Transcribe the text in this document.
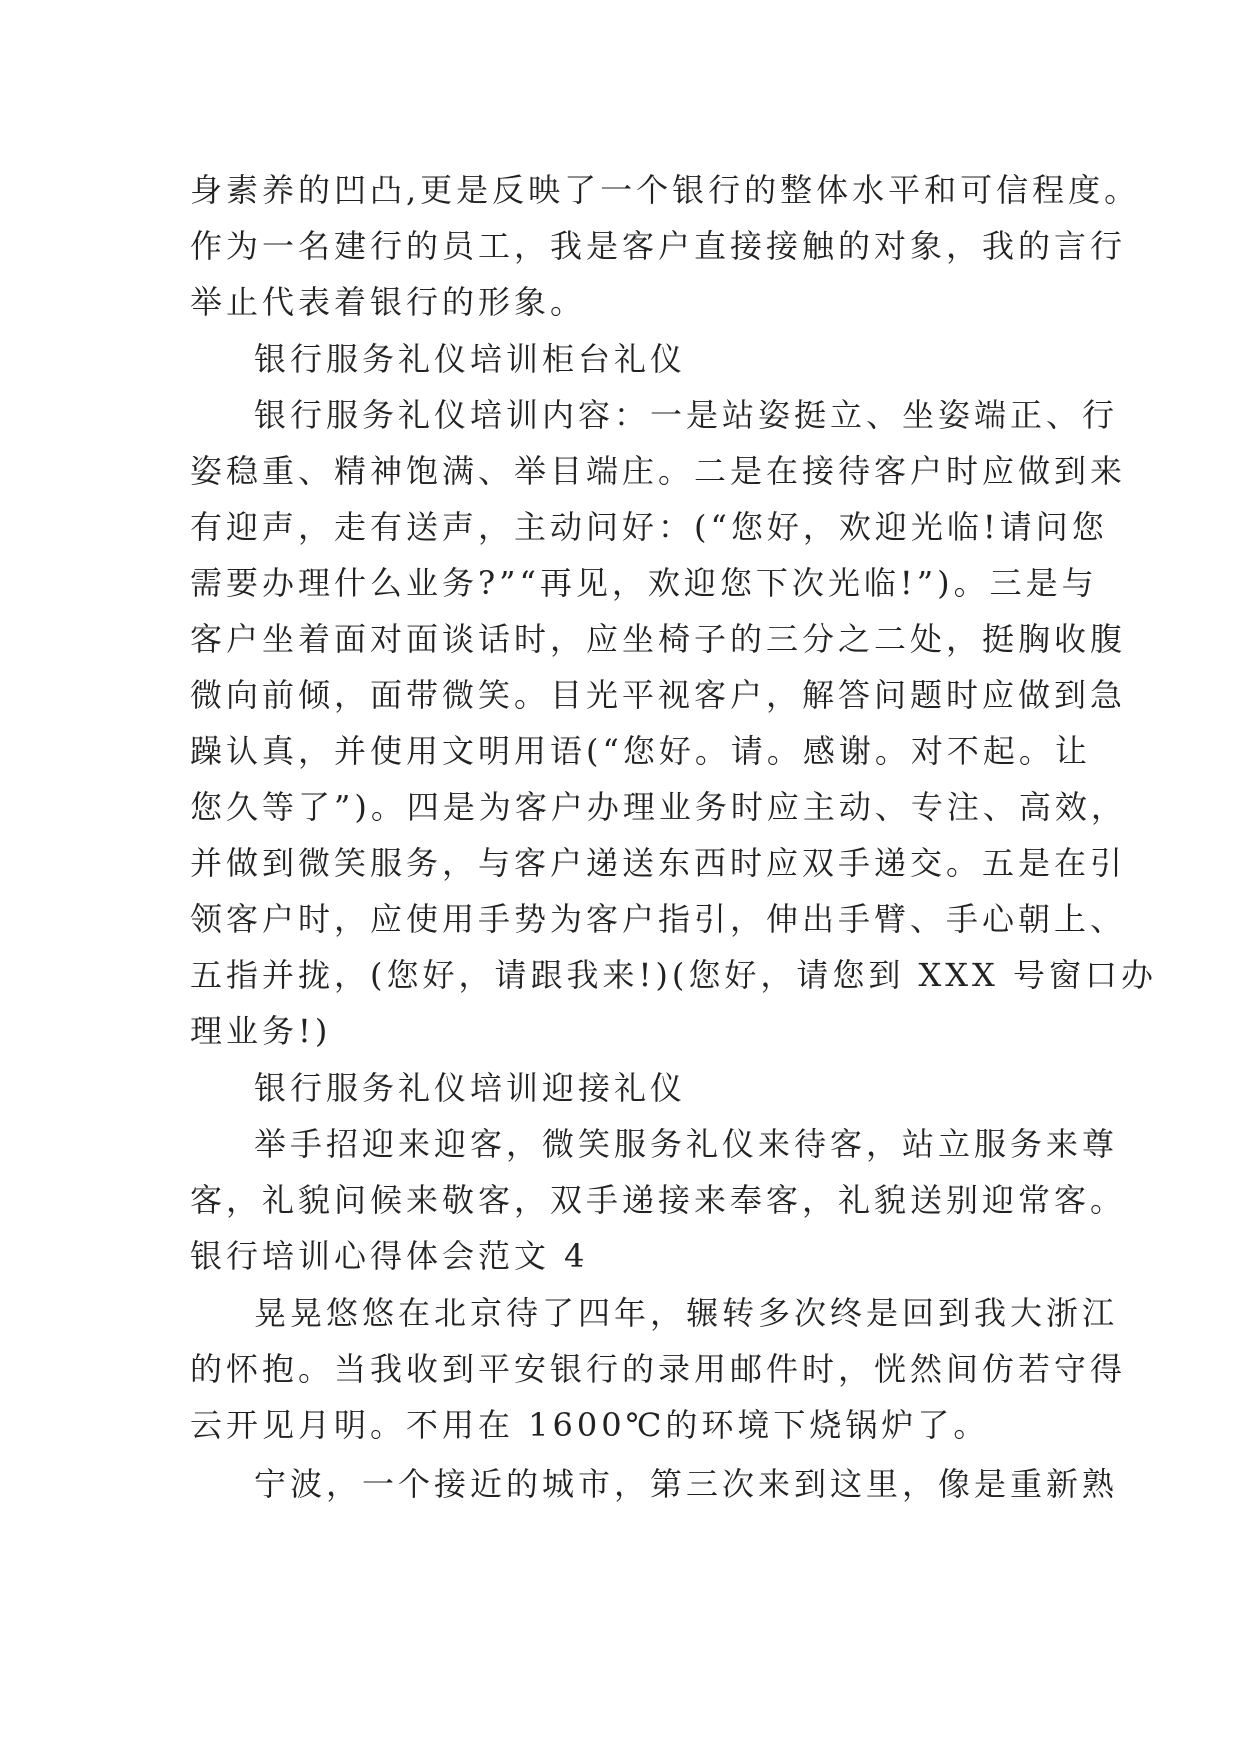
身素养的凹凸,更是反映了一个银行的整体水平和可信程度。
作为一名建行的员工，我是客户直接接触的对象，我的言行
举止代表着银行的形象。
银行服务礼仪培训柜台礼仪
银行服务礼仪培训内容：一是站姿挺立、坐姿端正、行
姿稳重、精神饱满、举目端庄。二是在接待客户时应做到来
有迎声，走有送声，主动问好：(“您好，欢迎光临!请问您
需要办理什么业务?”“再见，欢迎您下次光临!”)。三是与
客户坐着面对面谈话时，应坐椅子的三分之二处，挺胸收腹
微向前倾，面带微笑。目光平视客户，解答问题时应做到急
躁认真，并使用文明用语(“您好。请。感谢。对不起。让
您久等了”)。四是为客户办理业务时应主动、专注、高效，
并做到微笑服务，与客户递送东西时应双手递交。五是在引
领客户时，应使用手势为客户指引，伸出手臂、手心朝上、
五指并拢，(您好，请跟我来!)(您好，请您到 XXX 号窗口办
理业务!)
银行服务礼仪培训迎接礼仪
举手招迎来迎客，微笑服务礼仪来待客，站立服务来尊
客，礼貌问候来敬客，双手递接来奉客，礼貌送别迎常客。
银行培训心得体会范文 4
晃晃悠悠在北京待了四年，辗转多次终是回到我大浙江
的怀抱。当我收到平安银行的录用邮件时，恍然间仿若守得
云开见月明。不用在 1600℃的环境下烧锅炉了。
宁波，一个接近的城市，第三次来到这里，像是重新熟
